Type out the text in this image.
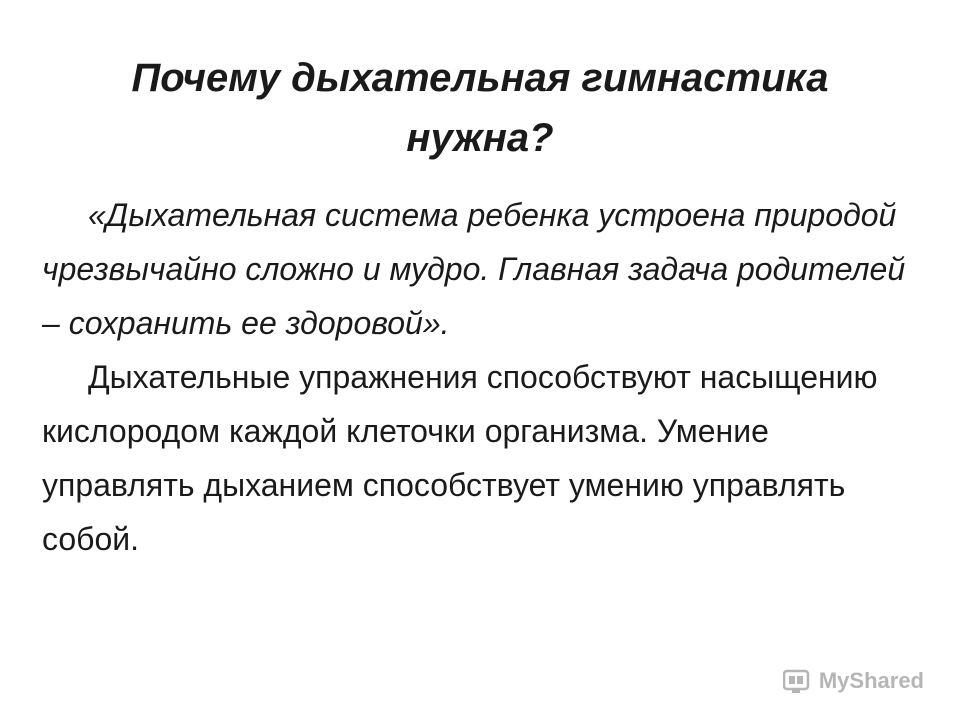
Почему дыхательная гимнастика нужна?

«Дыхательная система ребенка устроена природой чрезвычайно сложно и мудро. Главная задача родителей – сохранить ее здоровой».

Дыхательные упражнения способствуют насыщению кислородом каждой клеточки организма. Умение управлять дыханием способствует умению управлять собой.

MyShared
